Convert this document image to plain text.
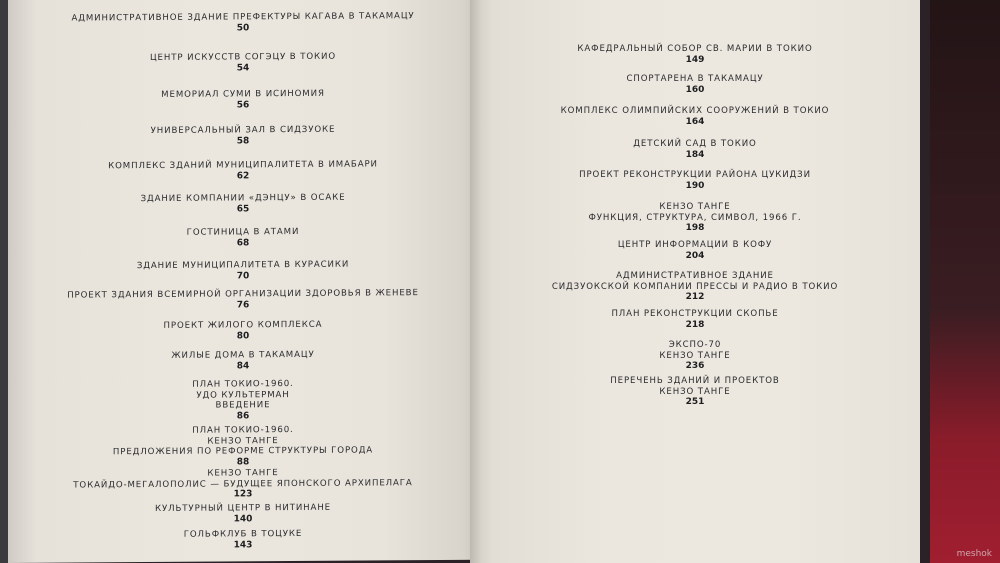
АДМИНИСТРАТИВНОЕ ЗДАНИЕ ПРЕФЕКТУРЫ КАГАВА В ТАКАМАЦУ
50
ЦЕНТР ИСКУССТВ СОГЭЦУ В ТОКИО
54
МЕМОРИАЛ СУМИ В ИСИНОМИЯ
56
УНИВЕРСАЛЬНЫЙ ЗАЛ В СИДЗУОКЕ
58
КОМПЛЕКС ЗДАНИЙ МУНИЦИПАЛИТЕТА В ИМАБАРИ
62
ЗДАНИЕ КОМПАНИИ «ДЭНЦУ» В ОСАКЕ
65
ГОСТИНИЦА В АТАМИ
68
ЗДАНИЕ МУНИЦИПАЛИТЕТА В КУРАСИКИ
70
ПРОЕКТ ЗДАНИЯ ВСЕМИРНОЙ ОРГАНИЗАЦИИ ЗДОРОВЬЯ В ЖЕНЕВЕ
76
ПРОЕКТ ЖИЛОГО КОМПЛЕКСА
80
ЖИЛЫЕ ДОМА В ТАКАМАЦУ
84
ПЛАН ТОКИО-1960.
УДО КУЛЬТЕРМАН
ВВЕДЕНИЕ
86
ПЛАН ТОКИО-1960.
КЕНЗО ТАНГЕ
ПРЕДЛОЖЕНИЯ ПО РЕФОРМЕ СТРУКТУРЫ ГОРОДА
88
КЕНЗО ТАНГЕ
ТОКАЙДО-МЕГАЛОПОЛИС — БУДУЩЕЕ ЯПОНСКОГО АРХИПЕЛАГА
123
КУЛЬТУРНЫЙ ЦЕНТР В НИТИНАНЕ
140
ГОЛЬФКЛУБ В ТОЦУКЕ
143
КАФЕДРАЛЬНЫЙ СОБОР СВ. МАРИИ В ТОКИО
149
СПОРТАРЕНА В ТАКАМАЦУ
160
КОМПЛЕКС ОЛИМПИЙСКИХ СООРУЖЕНИЙ В ТОКИО
164
ДЕТСКИЙ САД В ТОКИО
184
ПРОЕКТ РЕКОНСТРУКЦИИ РАЙОНА ЦУКИДЗИ
190
КЕНЗО ТАНГЕ
ФУНКЦИЯ, СТРУКТУРА, СИМВОЛ, 1966 Г.
198
ЦЕНТР ИНФОРМАЦИИ В КОФУ
204
АДМИНИСТРАТИВНОЕ ЗДАНИЕ
СИДЗУОКСКОЙ КОМПАНИИ ПРЕССЫ И РАДИО В ТОКИО
212
ПЛАН РЕКОНСТРУКЦИИ СКОПЬЕ
218
ЭКСПО-70
КЕНЗО ТАНГЕ
236
ПЕРЕЧЕНЬ ЗДАНИЙ И ПРОЕКТОВ
КЕНЗО ТАНГЕ
251
meshok
